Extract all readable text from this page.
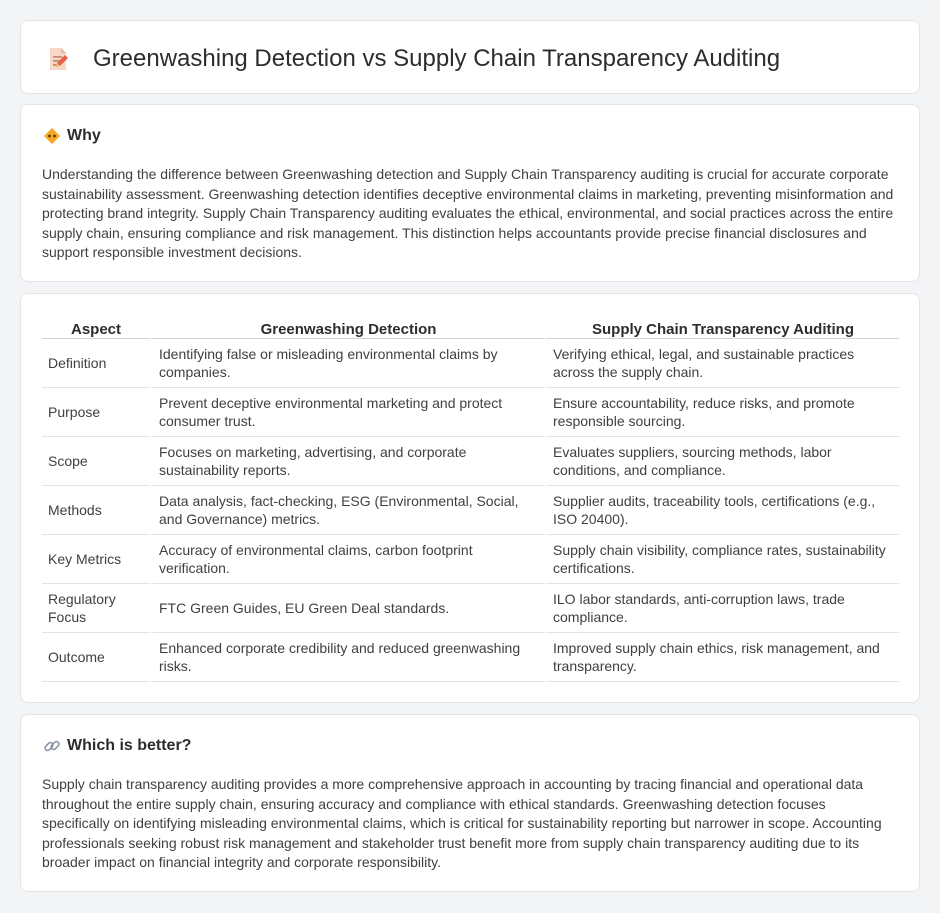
Greenwashing Detection vs Supply Chain Transparency Auditing
Why

Understanding the difference between Greenwashing detection and Supply Chain Transparency auditing is crucial for accurate corporate sustainability assessment. Greenwashing detection identifies deceptive environmental claims in marketing, preventing misinformation and protecting brand integrity. Supply Chain Transparency auditing evaluates the ethical, environmental, and social practices across the entire supply chain, ensuring compliance and risk management. This distinction helps accountants provide precise financial disclosures and support responsible investment decisions.

Aspect	Greenwashing Detection	Supply Chain Transparency Auditing
Definition	Identifying false or misleading environmental claims by companies.	Verifying ethical, legal, and sustainable practices across the supply chain.
Purpose	Prevent deceptive environmental marketing and protect consumer trust.	Ensure accountability, reduce risks, and promote responsible sourcing.
Scope	Focuses on marketing, advertising, and corporate sustainability reports.	Evaluates suppliers, sourcing methods, labor conditions, and compliance.
Methods	Data analysis, fact-checking, ESG (Environmental, Social, and Governance) metrics.	Supplier audits, traceability tools, certifications (e.g., ISO 20400).
Key Metrics	Accuracy of environmental claims, carbon footprint verification.	Supply chain visibility, compliance rates, sustainability certifications.
Regulatory Focus	FTC Green Guides, EU Green Deal standards.	ILO labor standards, anti-corruption laws, trade compliance.
Outcome	Enhanced corporate credibility and reduced greenwashing risks.	Improved supply chain ethics, risk management, and transparency.
Which is better?

Supply chain transparency auditing provides a more comprehensive approach in accounting by tracing financial and operational data throughout the entire supply chain, ensuring accuracy and compliance with ethical standards. Greenwashing detection focuses specifically on identifying misleading environmental claims, which is critical for sustainability reporting but narrower in scope. Accounting professionals seeking robust risk management and stakeholder trust benefit more from supply chain transparency auditing due to its broader impact on financial integrity and corporate responsibility.
